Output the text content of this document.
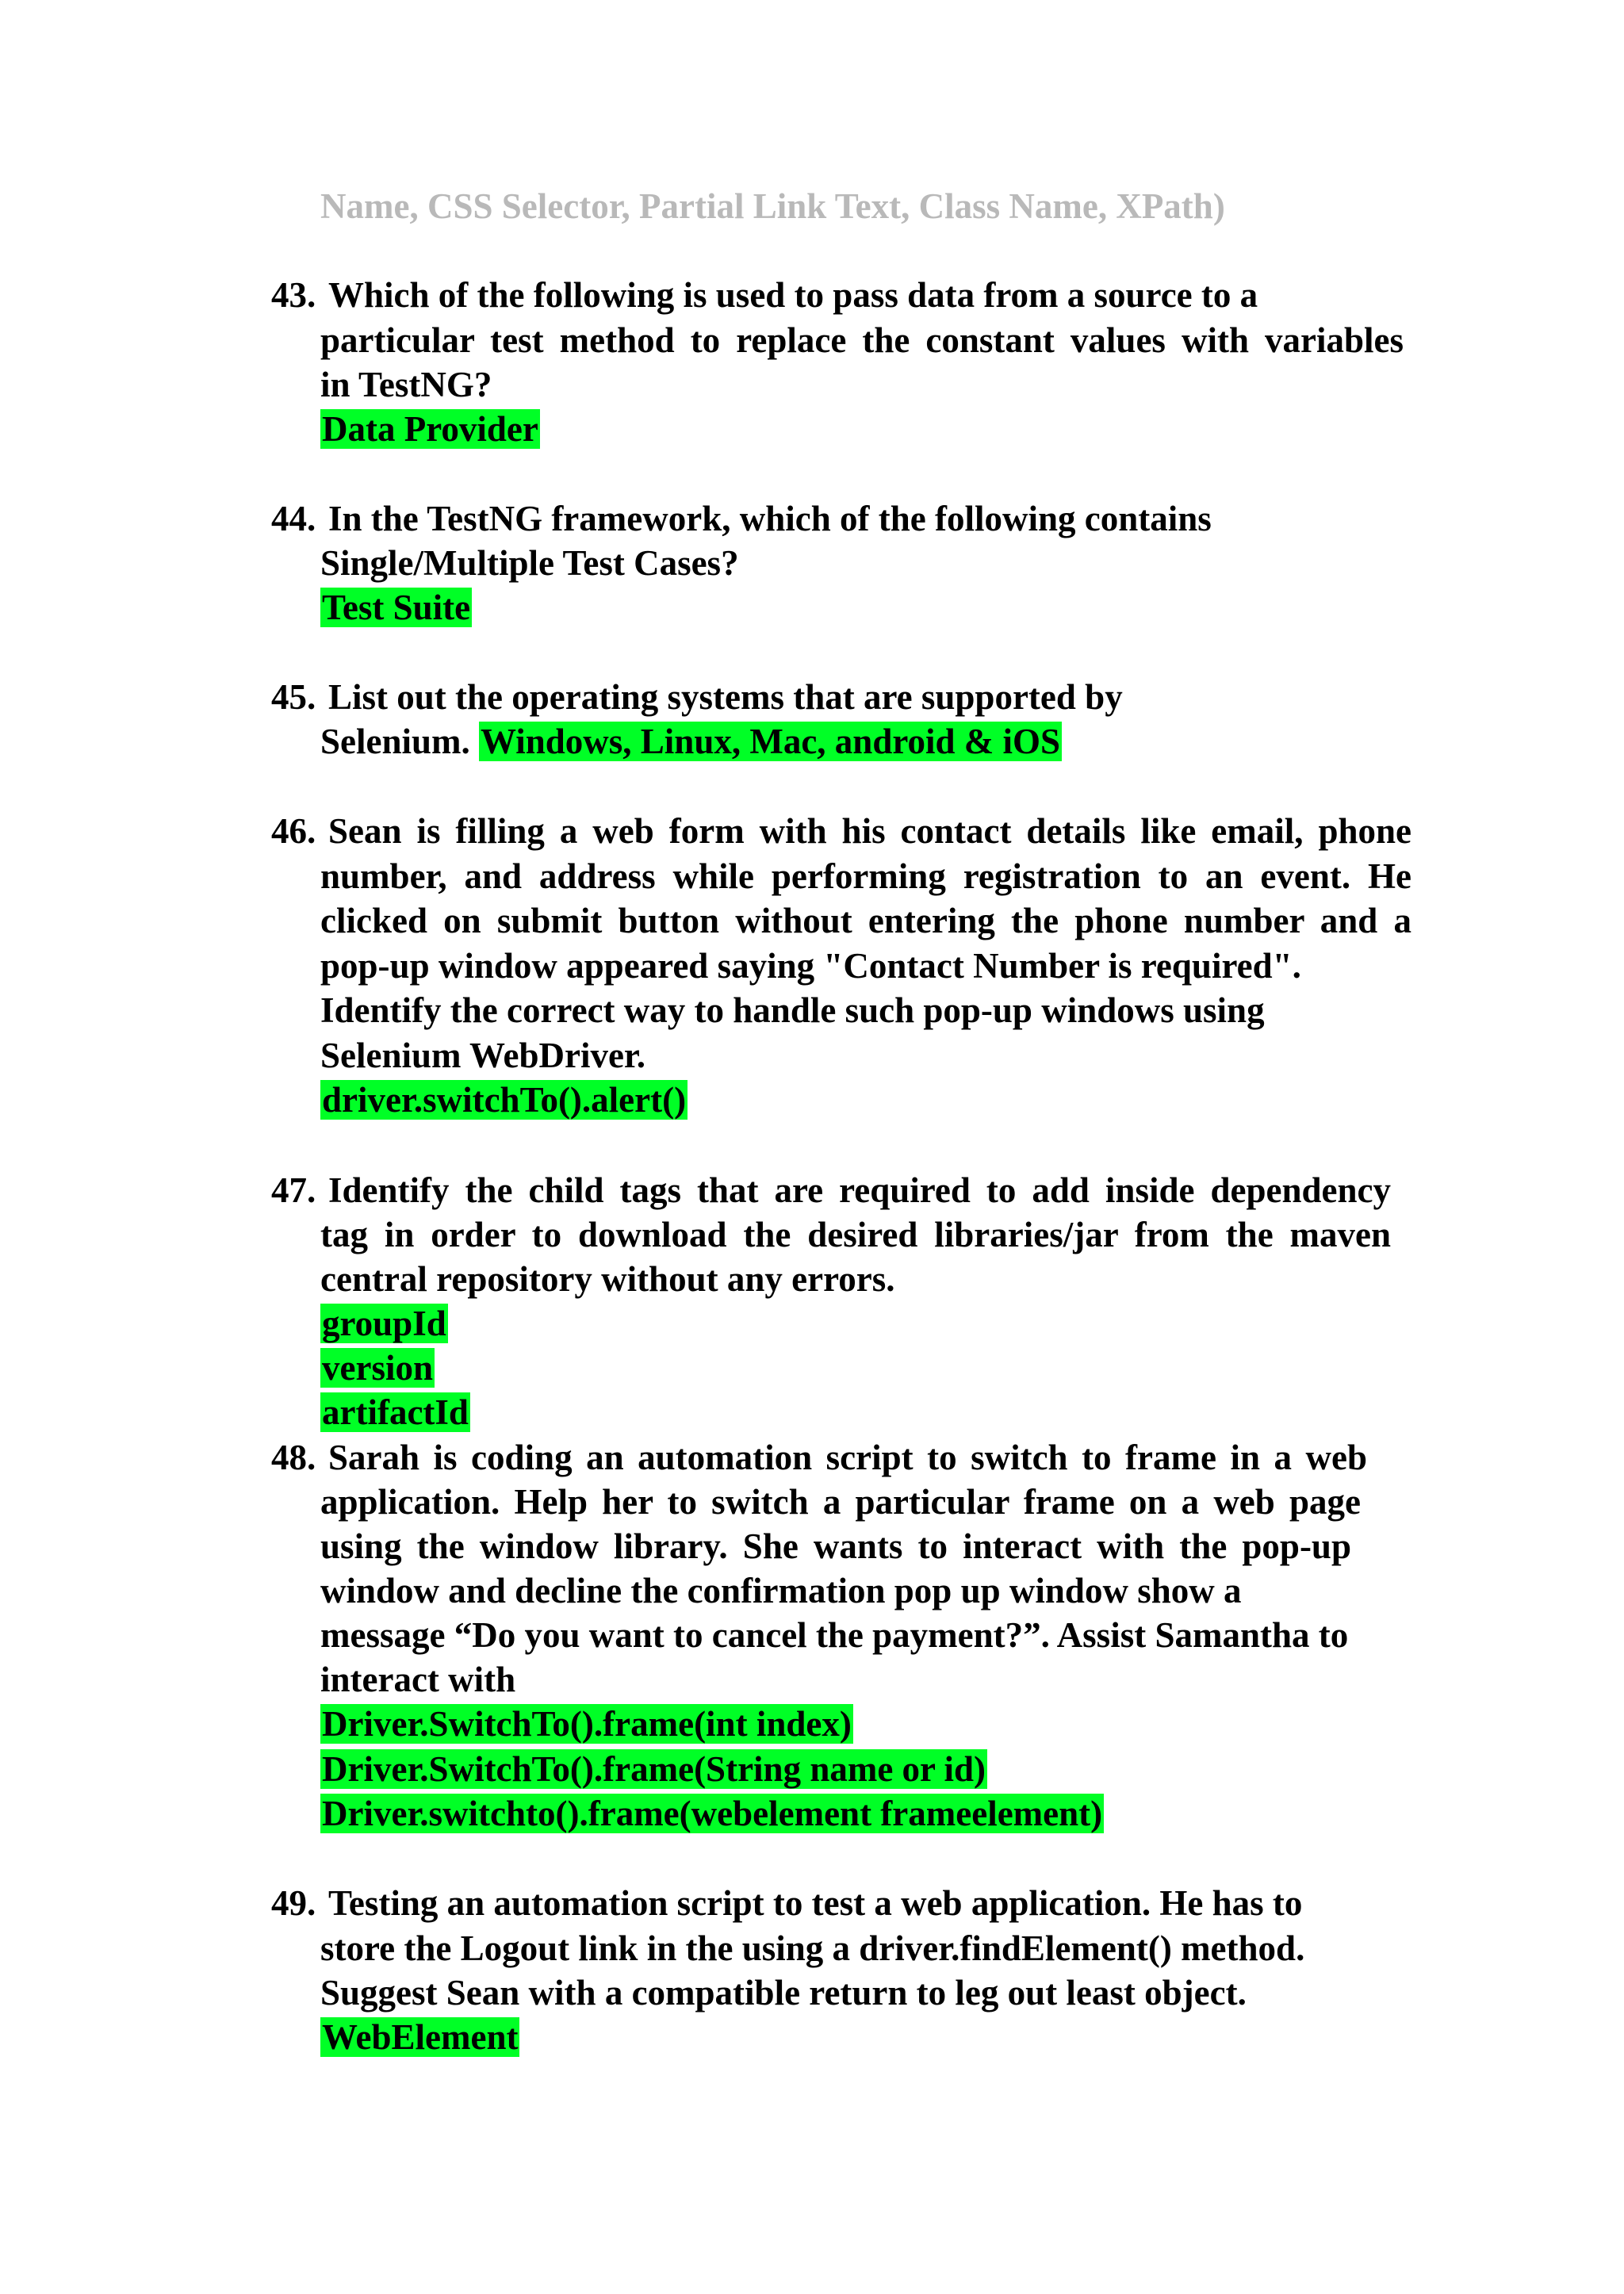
Name, CSS Selector, Partial Link Text, Class Name, XPath)
43. Which of the following is used to pass data from a source to a
particular test method to replace the constant values with variables
in TestNG?
Data Provider
44. In the TestNG framework, which of the following contains
Single/Multiple Test Cases?
Test Suite
45. List out the operating systems that are supported by
Selenium. Windows, Linux, Mac, android & iOS
46. Sean is filling a web form with his contact details like email, phone
number, and address while performing registration to an event. He
clicked on submit button without entering the phone number and a
pop-up window appeared saying "Contact Number is required".
Identify the correct way to handle such pop-up windows using
Selenium WebDriver.
driver.switchTo().alert()
47. Identify the child tags that are required to add inside dependency
tag in order to download the desired libraries/jar from the maven
central repository without any errors.
groupId
version
artifactId
48. Sarah is coding an automation script to switch to frame in a web
application. Help her to switch a particular frame on a web page
using the window library. She wants to interact with the pop-up
window and decline the confirmation pop up window show a
message “Do you want to cancel the payment?”. Assist Samantha to
interact with
Driver.SwitchTo().frame(int index)
Driver.SwitchTo().frame(String name or id)
Driver.switchto().frame(webelement frameelement)
49. Testing an automation script to test a web application. He has to
store the Logout link in the using a driver.findElement() method.
Suggest Sean with a compatible return to leg out least object.
WebElement
